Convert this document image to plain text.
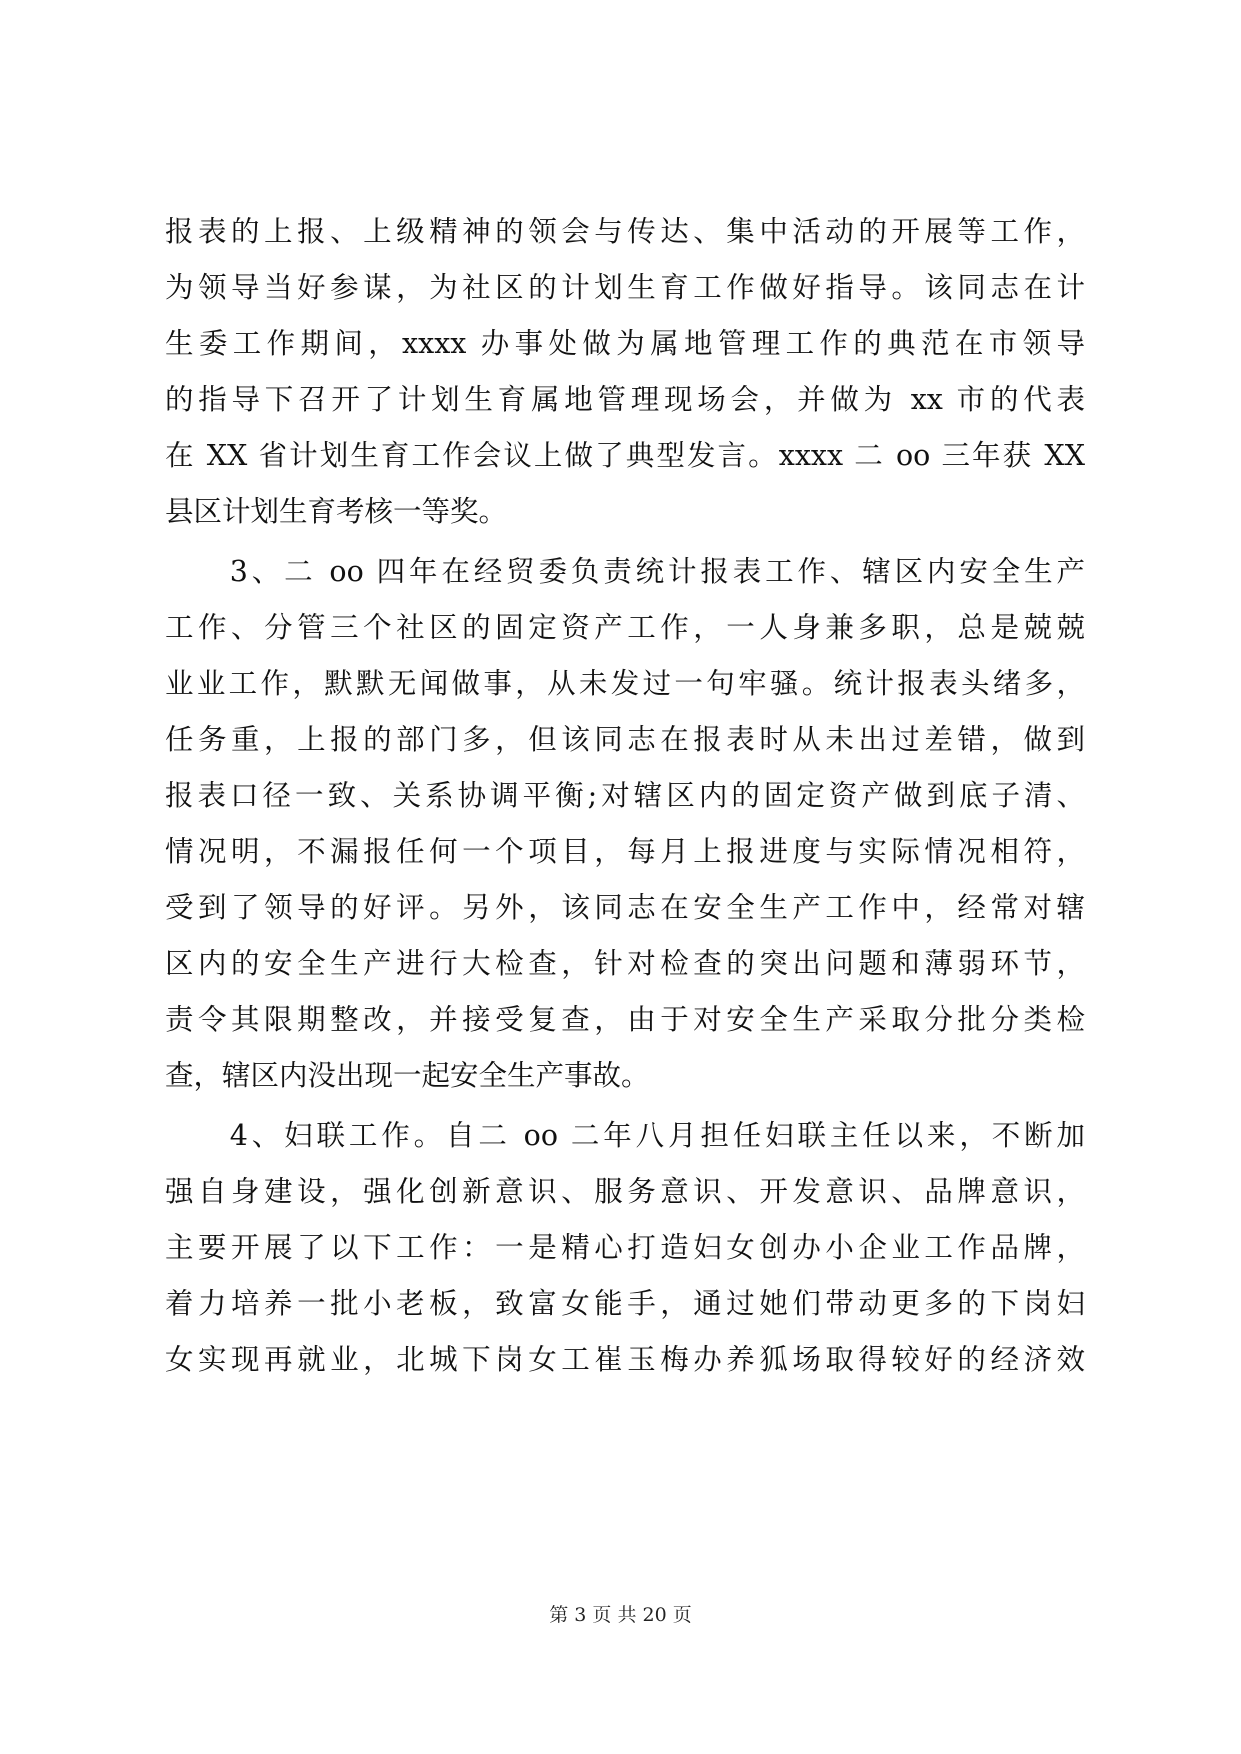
报表的上报、上级精神的领会与传达、集中活动的开展等工作，
为领导当好参谋，为社区的计划生育工作做好指导。该同志在计
生委工作期间，xxxx 办事处做为属地管理工作的典范在市领导
的指导下召开了计划生育属地管理现场会，并做为 xx 市的代表
在 XX 省计划生育工作会议上做了典型发言。xxxx 二 oo 三年获 XX
县区计划生育考核一等奖。
　　3、二 oo 四年在经贸委负责统计报表工作、辖区内安全生产
工作、分管三个社区的固定资产工作，一人身兼多职，总是兢兢
业业工作，默默无闻做事，从未发过一句牢骚。统计报表头绪多，
任务重，上报的部门多，但该同志在报表时从未出过差错，做到
报表口径一致、关系协调平衡;对辖区内的固定资产做到底子清、
情况明，不漏报任何一个项目，每月上报进度与实际情况相符，
受到了领导的好评。另外，该同志在安全生产工作中，经常对辖
区内的安全生产进行大检查，针对检查的突出问题和薄弱环节，
责令其限期整改，并接受复查，由于对安全生产采取分批分类检
查，辖区内没出现一起安全生产事故。
　　4、妇联工作。自二 oo 二年八月担任妇联主任以来，不断加
强自身建设，强化创新意识、服务意识、开发意识、品牌意识，
主要开展了以下工作：一是精心打造妇女创办小企业工作品牌，
着力培养一批小老板，致富女能手，通过她们带动更多的下岗妇
女实现再就业，北城下岗女工崔玉梅办养狐场取得较好的经济效
第 3 页 共 20 页
